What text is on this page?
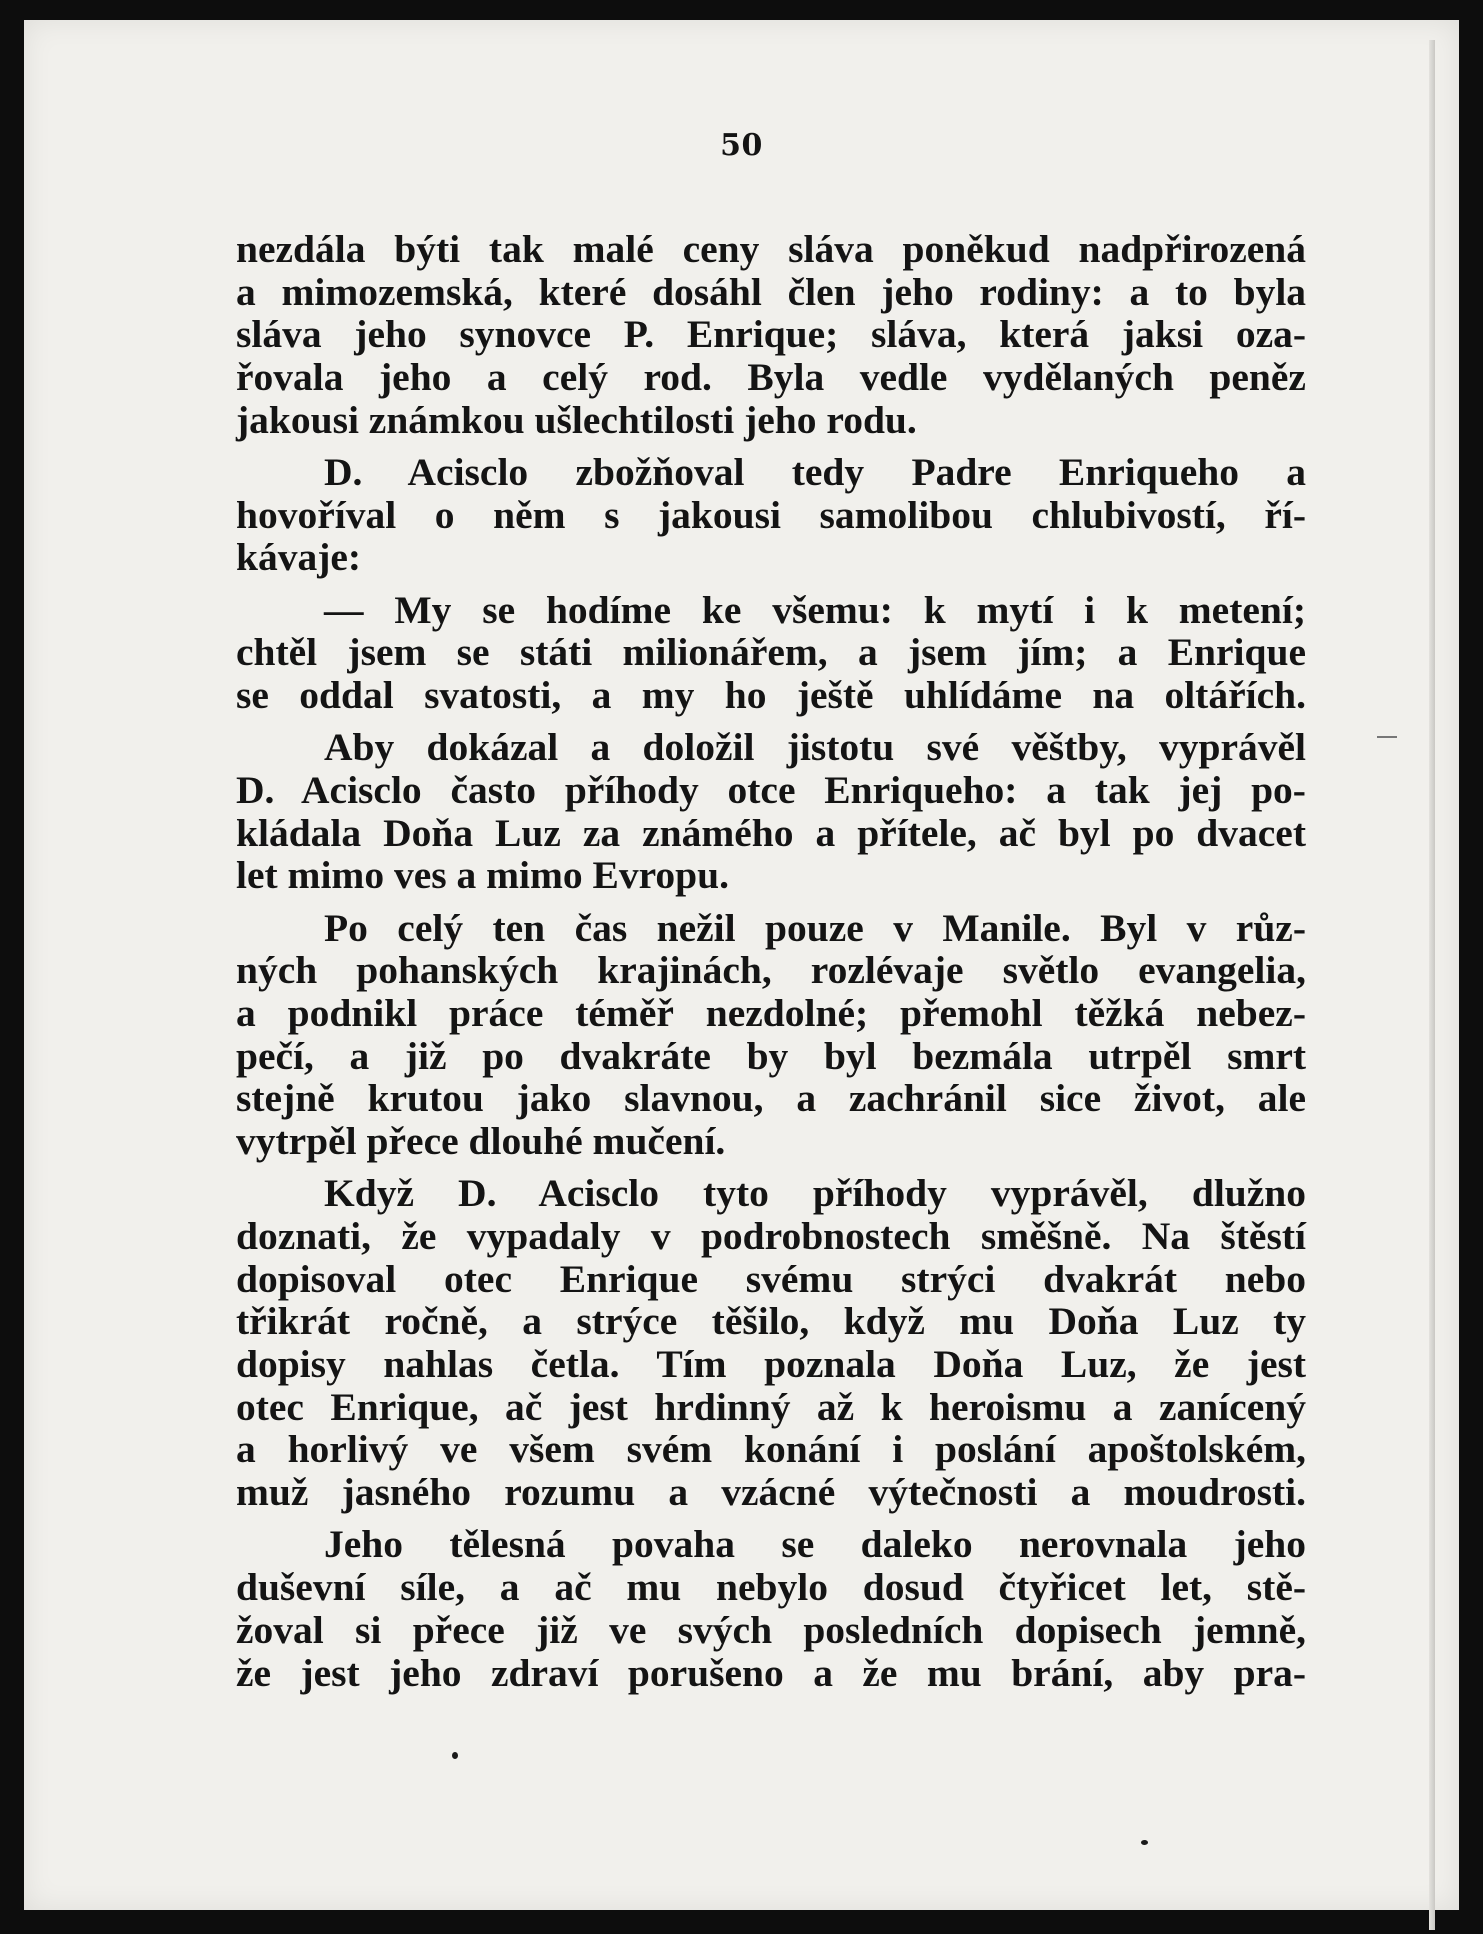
50

nezdála býti tak malé ceny sláva poněkud nadpřirozená
a mimozemská, které dosáhl člen jeho rodiny: a to byla
sláva jeho synovce P. Enrique; sláva, která jaksi oza-
řovala jeho a celý rod. Byla vedle vydělaných peněz
jakousi známkou ušlechtilosti jeho rodu.

D. Acisclo zbožňoval tedy Padre Enriqueho a
hovoříval o něm s jakousi samolibou chlubivostí, ří-
kávaje:

— My se hodíme ke všemu: k mytí i k metení;
chtěl jsem se státi milionářem, a jsem jím; a Enrique
se oddal svatosti, a my ho ještě uhlídáme na oltářích.

Aby dokázal a doložil jistotu své věštby, vyprávěl
D. Acisclo často příhody otce Enriqueho: a tak jej po-
kládala Doňa Luz za známého a přítele, ač byl po dvacet
let mimo ves a mimo Evropu.

Po celý ten čas nežil pouze v Manile. Byl v růz-
ných pohanských krajinách, rozlévaje světlo evangelia,
a podnikl práce téměř nezdolné; přemohl těžká nebez-
pečí, a již po dvakráte by byl bezmála utrpěl smrt
stejně krutou jako slavnou, a zachránil sice život, ale
vytrpěl přece dlouhé mučení.

Když D. Acisclo tyto příhody vyprávěl, dlužno
doznati, že vypadaly v podrobnostech směšně. Na štěstí
dopisoval otec Enrique svému strýci dvakrát nebo
třikrát ročně, a strýce těšilo, když mu Doňa Luz ty
dopisy nahlas četla. Tím poznala Doňa Luz, že jest
otec Enrique, ač jest hrdinný až k heroismu a zanícený
a horlivý ve všem svém konání i poslání apoštolském,
muž jasného rozumu a vzácné výtečnosti a moudrosti.

Jeho tělesná povaha se daleko nerovnala jeho
duševní síle, a ač mu nebylo dosud čtyřicet let, stě-
žoval si přece již ve svých posledních dopisech jemně,
že jest jeho zdraví porušeno a že mu brání, aby pra-
